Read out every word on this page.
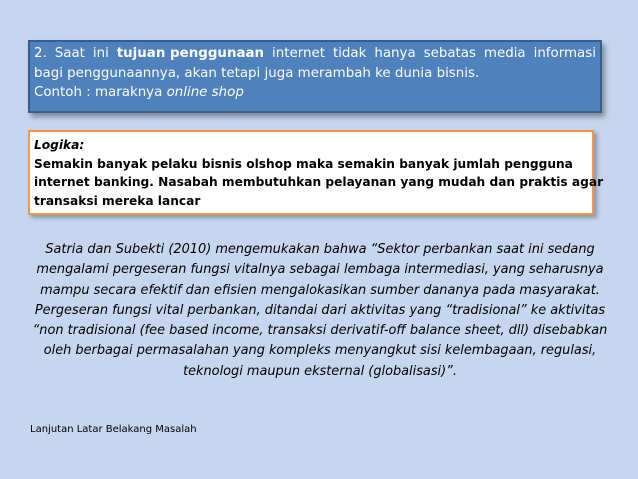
2. Saat ini tujuan penggunaan internet tidak hanya sebatas media informasi
bagi penggunaannya, akan tetapi juga merambah ke dunia bisnis.
Contoh : maraknya online shop
Logika:
Semakin banyak pelaku bisnis olshop maka semakin banyak jumlah pengguna
internet banking. Nasabah membutuhkan pelayanan yang mudah dan praktis agar
transaksi mereka lancar
Satria dan Subekti (2010) mengemukakan bahwa “Sektor perbankan saat ini sedang
mengalami pergeseran fungsi vitalnya sebagai lembaga intermediasi, yang seharusnya
mampu secara efektif dan efisien mengalokasikan sumber dananya pada masyarakat.
Pergeseran fungsi vital perbankan, ditandai dari aktivitas yang “tradisional” ke aktivitas
“non tradisional (fee based income, transaksi derivatif-off balance sheet, dll) disebabkan
oleh berbagai permasalahan yang kompleks menyangkut sisi kelembagaan, regulasi,
teknologi maupun eksternal (globalisasi)”.
Lanjutan Latar Belakang Masalah
